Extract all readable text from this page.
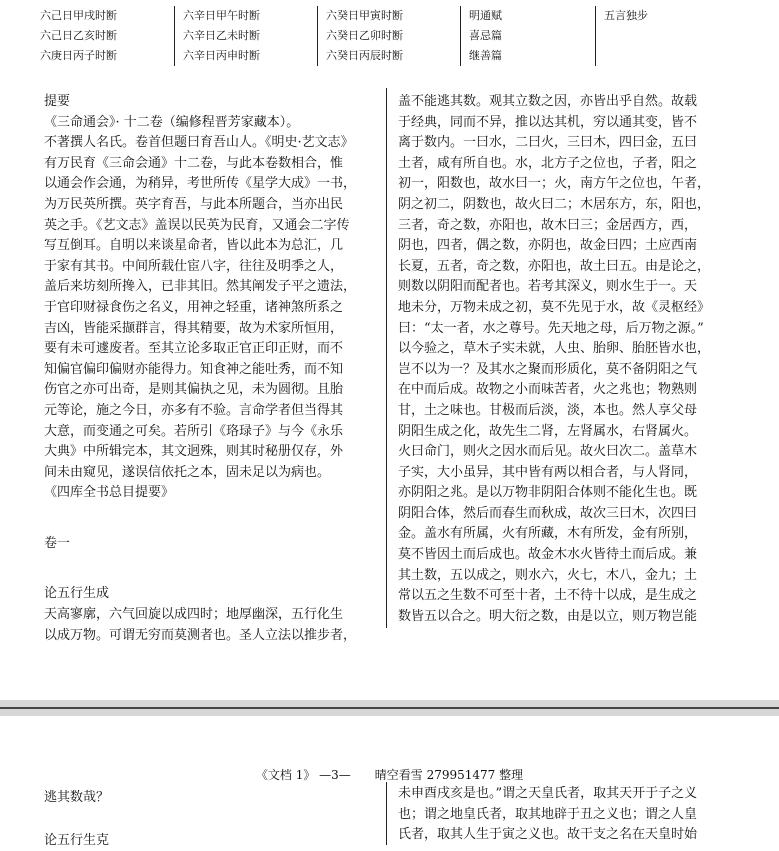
六己日甲戌时断
六己日乙亥时断
六庚日丙子时断
六辛日甲午时断
六辛日乙未时断
六辛日丙申时断
六癸日甲寅时断
六癸日乙卯时断
六癸日丙辰时断
明通赋
喜忌篇
继善篇
五言独步
提要
《三命通会》· 十二卷（编修程晋芳家藏本）。
不著撰人名氏。卷首但题曰育吾山人。《明史·艺文志》
有万民育《三命会通》十二卷，与此本卷数相合，惟
以通会作会通，为稍异，考世所传《星学大成》一书，
为万民英所撰。英字育吾，与此本所题合，当亦出民
英之手。《艺文志》盖误以民英为民育，又通会二字传
写互倒耳。自明以来谈星命者，皆以此本为总汇，几
于家有其书。中间所载仕宦八字，往往及明季之人，
盖后来坊刻所搀入，已非其旧。然其阐发子平之遗法，
于官印财禄食伤之名义，用神之轻重，诸神煞所系之
吉凶，皆能采撷群言，得其精要，故为术家所恒用，
要有未可遽废者。至其立论多取正官正印正财，而不
知偏官偏印偏财亦能得力。知食神之能吐秀，而不知
伤官之亦可出奇，是则其偏执之见，未为圆彻。且胎
元等论，施之今日，亦多有不验。言命学者但当得其
大意，而变通之可矣。若所引《珞琭子》与今《永乐
大典》中所辑完本，其文迥殊，则其时秘册仅存，外
间未由窥见，遂误信依托之本，固未足以为病也。
《四库全书总目提要》
卷一
论五行生成
天高寥廓，六气回旋以成四时；地厚幽深，五行化生
以成万物。可谓无穷而莫测者也。圣人立法以推步者，
盖不能逃其数。观其立数之因，亦皆出乎自然。故载
于经典，同而不异，推以达其机，穷以通其变，皆不
离于数内。一曰水，二曰火，三曰木，四曰金，五曰
土者，咸有所自也。水，北方子之位也，子者，阳之
初一，阳数也，故水曰一；火，南方午之位也，午者，
阴之初二，阴数也，故火曰二；木居东方，东，阳也，
三者，奇之数，亦阳也，故木曰三；金居西方，西，
阴也，四者，偶之数，亦阴也，故金曰四；土应西南
长夏，五者，奇之数，亦阳也，故土曰五。由是论之，
则数以阴阳而配者也。若考其深义，则水生于一。天
地未分，万物未成之初，莫不先见于水，故《灵枢经》
曰：“太一者，水之尊号。先天地之母，后万物之源。”
以今验之，草木子实未就，人虫、胎卵、胎胚皆水也，
岂不以为一？及其水之聚而形质化，莫不备阴阳之气
在中而后成。故物之小而味苦者，火之兆也；物熟则
甘，土之味也。甘极而后淡，淡，本也。然人享父母
阴阳生成之化，故先生二肾，左肾属水，右肾属火。
火曰命门，则火之因水而后见。故火曰次二。盖草木
子实，大小虽异，其中皆有两以相合者，与人肾同，
亦阴阳之兆。是以万物非阴阳合体则不能化生也。既
阴阳合体，然后而春生而秋成，故次三曰木，次四曰
金。盖水有所属，火有所藏，木有所发，金有所别，
莫不皆因土而后成也。故金木水火皆待土而后成。兼
其土数，五以成之，则水六，火七，木八，金九；土
常以五之生数不可至十者，土不待十以成，是生成之
数皆五以合之。明大衍之数，由是以立，则万物岂能
《文档 1》 —3—　　晴空看雪 279951477 整理
逃其数哉？
论五行生克
未申酉戌亥是也。”谓之天皇氏者，取其天开于子之义
也；谓之地皇氏者，取其地辟于丑之义也；谓之人皇
氏者，取其人生于寅之义也。故干支之名在天皇时始
